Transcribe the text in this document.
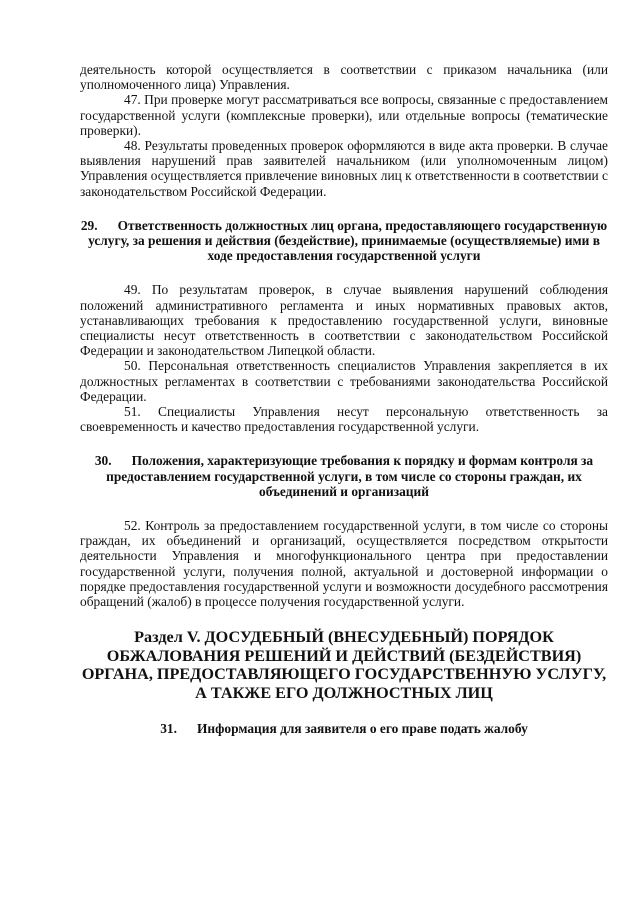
деятельность которой осуществляется в соответствии с приказом начальника (или уполномоченного лица) Управления.

47. При проверке могут рассматриваться все вопросы, связанные с предоставлением государственной услуги (комплексные проверки), или отдельные вопросы (тематические проверки).

48. Результаты проведенных проверок оформляются в виде акта проверки. В случае выявления нарушений прав заявителей начальником (или уполномоченным лицом) Управления осуществляется привлечение виновных лиц к ответственности в соответствии с законодательством Российской Федерации.

29. Ответственность должностных лиц органа, предоставляющего государственную услугу, за решения и действия (бездействие), принимаемые (осуществляемые) ими в ходе предоставления государственной услуги

49. По результатам проверок, в случае выявления нарушений соблюдения положений административного регламента и иных нормативных правовых актов, устанавливающих требования к предоставлению государственной услуги, виновные специалисты несут ответственность в соответствии с законодательством Российской Федерации и законодательством Липецкой области.

50. Персональная ответственность специалистов Управления закрепляется в их должностных регламентах в соответствии с требованиями законодательства Российской Федерации.

51. Специалисты Управления несут персональную ответственность за своевременность и качество предоставления государственной услуги.

30. Положения, характеризующие требования к порядку и формам контроля за предоставлением государственной услуги, в том числе со стороны граждан, их объединений и организаций

52. Контроль за предоставлением государственной услуги, в том числе со стороны граждан, их объединений и организаций, осуществляется посредством открытости деятельности Управления и многофункционального центра при предоставлении государственной услуги, получения полной, актуальной и достоверной информации о порядке предоставления государственной услуги и возможности досудебного рассмотрения обращений (жалоб) в процессе получения государственной услуги.

Раздел V. ДОСУДЕБНЫЙ (ВНЕСУДЕБНЫЙ) ПОРЯДОК ОБЖАЛОВАНИЯ РЕШЕНИЙ И ДЕЙСТВИЙ (БЕЗДЕЙСТВИЯ) ОРГАНА, ПРЕДОСТАВЛЯЮЩЕГО ГОСУДАРСТВЕННУЮ УСЛУГУ, А ТАКЖЕ ЕГО ДОЛЖНОСТНЫХ ЛИЦ
31. Информация для заявителя о его праве подать жалобу
